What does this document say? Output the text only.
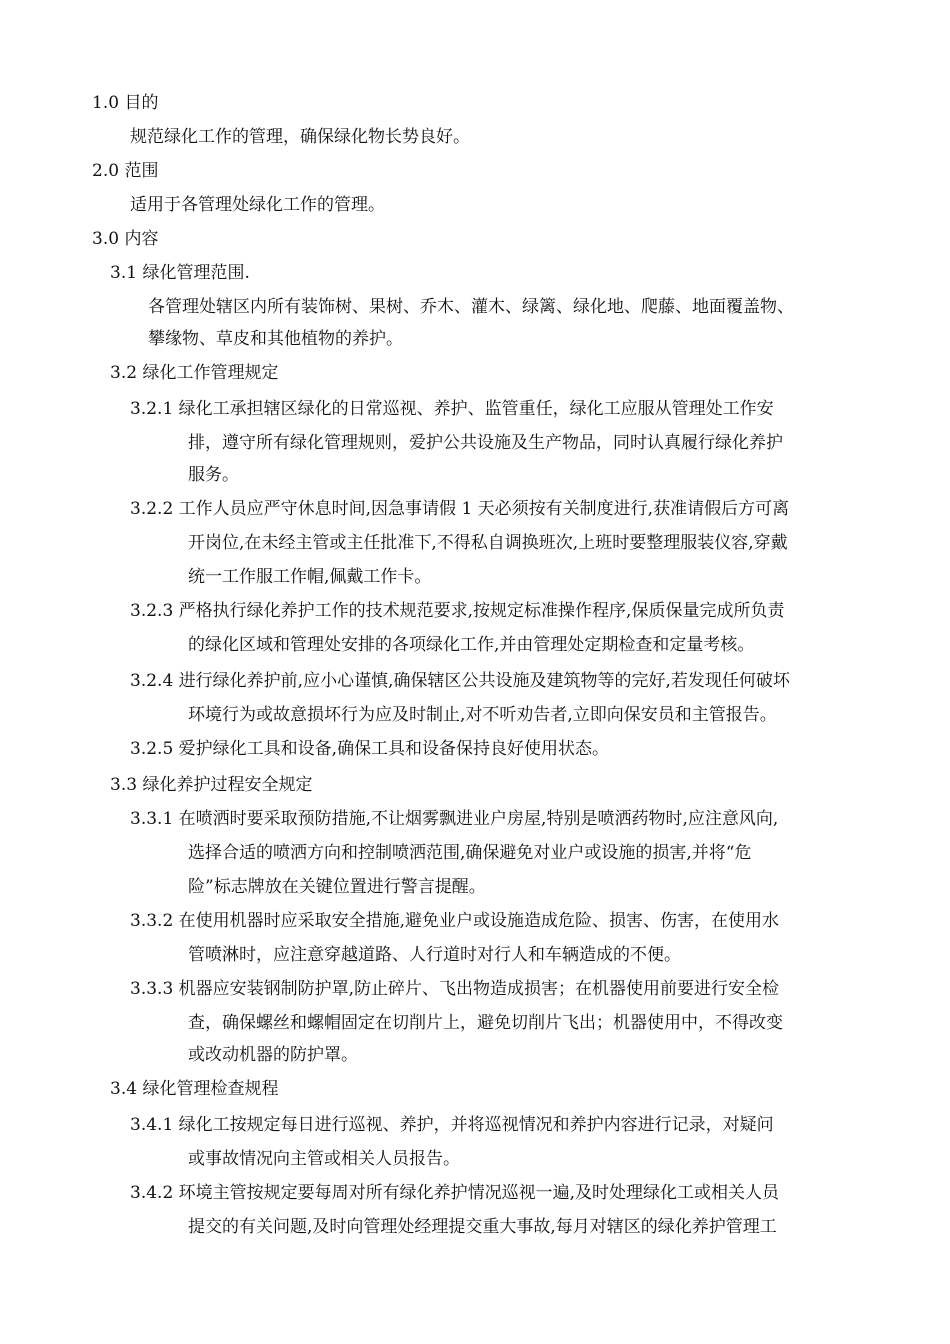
1.0 目的
规范绿化工作的管理，确保绿化物长势良好。
2.0 范围
适用于各管理处绿化工作的管理。
3.0 内容
3.1 绿化管理范围.
各管理处辖区内所有装饰树、果树、乔木、灌木、绿篱、绿化地、爬藤、地面覆盖物、
攀缘物、草皮和其他植物的养护。
3.2 绿化工作管理规定
3.2.1 绿化工承担辖区绿化的日常巡视、养护、监管重任，绿化工应服从管理处工作安
排，遵守所有绿化管理规则，爱护公共设施及生产物品，同时认真履行绿化养护
服务。
3.2.2 工作人员应严守休息时间,因急事请假 1 天必须按有关制度进行,获准请假后方可离
开岗位,在未经主管或主任批准下,不得私自调换班次,上班时要整理服装仪容,穿戴
统一工作服工作帽,佩戴工作卡。
3.2.3 严格执行绿化养护工作的技术规范要求,按规定标准操作程序,保质保量完成所负责
的绿化区域和管理处安排的各项绿化工作,并由管理处定期检查和定量考核。
3.2.4 进行绿化养护前,应小心谨慎,确保辖区公共设施及建筑物等的完好,若发现任何破坏
环境行为或故意损坏行为应及时制止,对不听劝告者,立即向保安员和主管报告。
3.2.5 爱护绿化工具和设备,确保工具和设备保持良好使用状态。
3.3 绿化养护过程安全规定
3.3.1 在喷洒时要采取预防措施,不让烟雾飘进业户房屋,特别是喷洒药物时,应注意风向,
选择合适的喷洒方向和控制喷洒范围,确保避免对业户或设施的损害,并将“危
险”标志牌放在关键位置进行警言提醒。
3.3.2 在使用机器时应采取安全措施,避免业户或设施造成危险、损害、伤害，在使用水
管喷淋时，应注意穿越道路、人行道时对行人和车辆造成的不便。
3.3.3 机器应安装钢制防护罩,防止碎片、飞出物造成损害；在机器使用前要进行安全检
查，确保螺丝和螺帽固定在切削片上，避免切削片飞出；机器使用中，不得改变
或改动机器的防护罩。
3.4 绿化管理检查规程
3.4.1 绿化工按规定每日进行巡视、养护，并将巡视情况和养护内容进行记录，对疑问
或事故情况向主管或相关人员报告。
3.4.2 环境主管按规定要每周对所有绿化养护情况巡视一遍,及时处理绿化工或相关人员
提交的有关问题,及时向管理处经理提交重大事故,每月对辖区的绿化养护管理工
